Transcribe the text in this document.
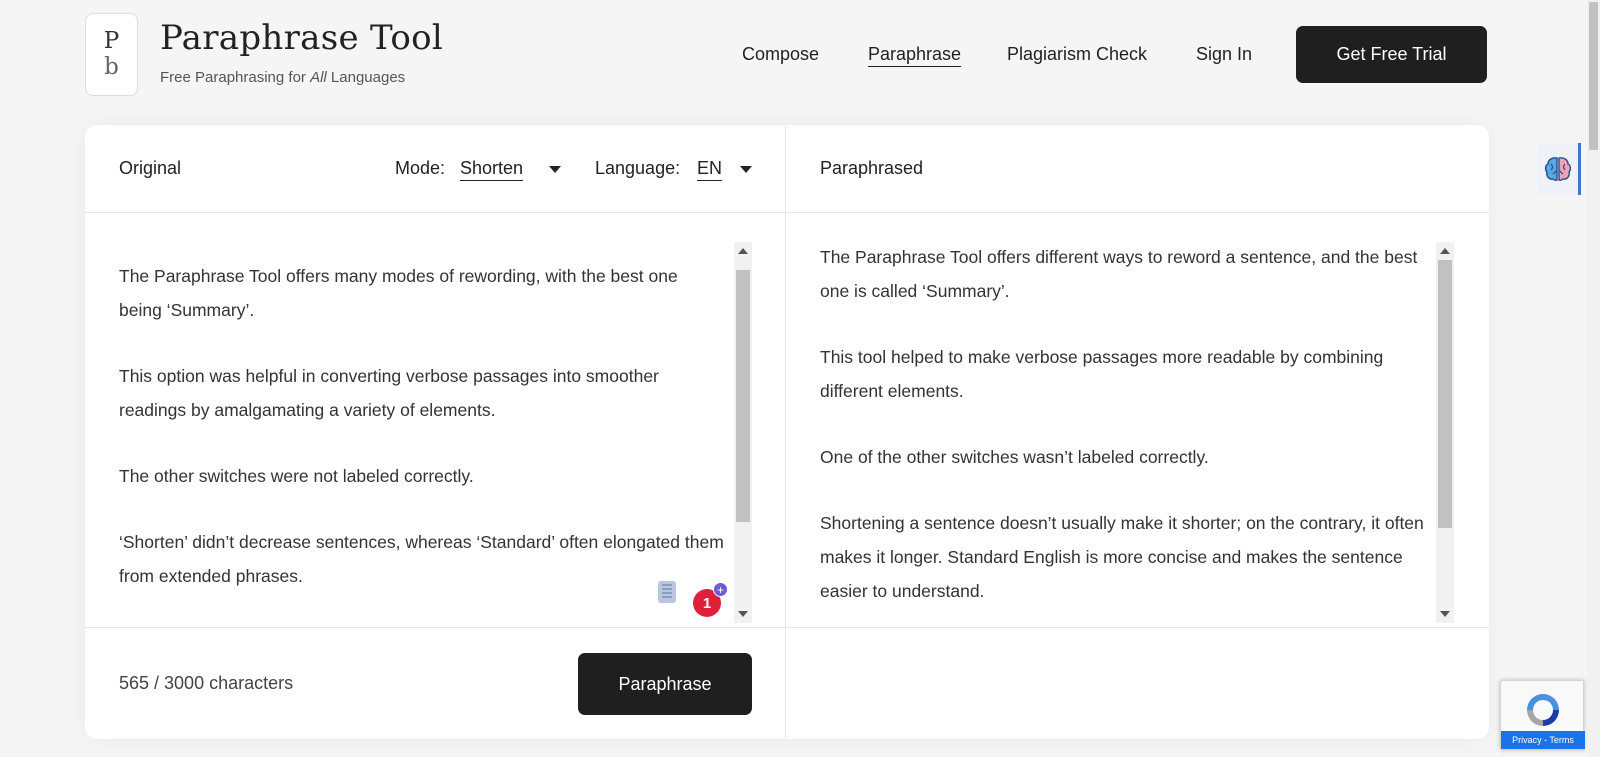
P
b
Paraphrase Tool
Free Paraphrasing for All Languages
Compose	Paraphrase	Plagiarism Check	Sign In	Get Free Trial
Original	Mode: Shorten	Language: EN	Paraphrased

The Paraphrase Tool offers many modes of rewording, with the best one being ‘Summary’.

This option was helpful in converting verbose passages into smoother readings by amalgamating a variety of elements.

The other switches were not labeled correctly.

‘Shorten’ didn’t decrease sentences, whereas ‘Standard’ often elongated them from extended phrases.

1
+

The Paraphrase Tool offers different ways to reword a sentence, and the best one is called ‘Summary’.

This tool helped to make verbose passages more readable by combining different elements.

One of the other switches wasn’t labeled correctly.

Shortening a sentence doesn’t usually make it shorter; on the contrary, it often makes it longer. Standard English is more concise and makes the sentence easier to understand.

565 / 3000 characters	Paraphrase
Privacy - Terms
